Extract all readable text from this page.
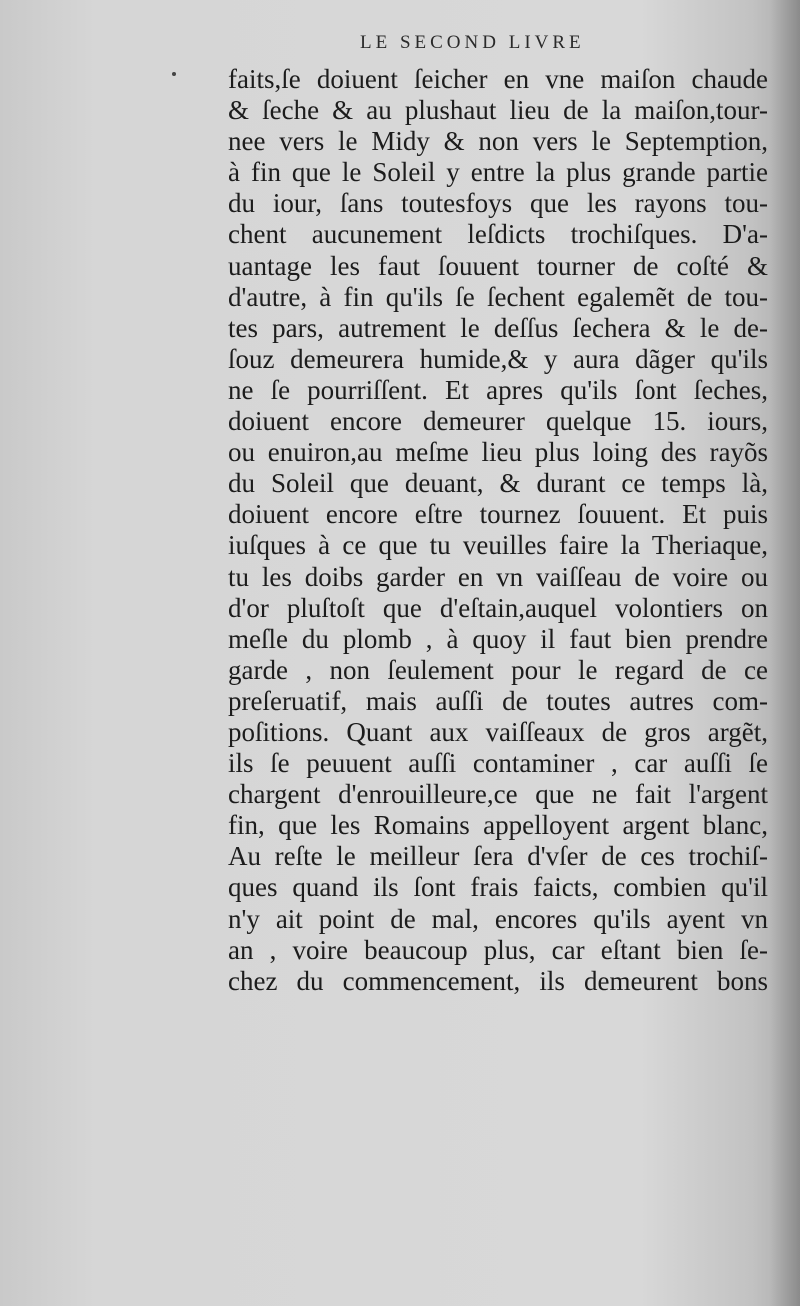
LE SECOND LIVRE
faits,ſe doiuent ſeicher en vne maiſon chaude
& ſeche & au plushaut lieu de la maiſon,tour-
nee vers le Midy & non vers le Septemption,
à fin que le Soleil y entre la plus grande partie
du iour, ſans toutesfoys que les rayons tou-
chent aucunement leſdicts trochiſques. D'a-
uantage les faut ſouuent tourner de coſté &
d'autre, à fin qu'ils ſe ſechent egalemẽt de tou-
tes pars, autrement le deſſus ſechera & le de-
ſouz demeurera humide,& y aura dãger qu'ils
ne ſe pourriſſent. Et apres qu'ils ſont ſeches,
doiuent encore demeurer quelque 15. iours,
ou enuiron,au meſme lieu plus loing des rayõs
du Soleil que deuant, & durant ce temps là,
doiuent encore eſtre tournez ſouuent. Et puis
iuſques à ce que tu veuilles faire la Theriaque,
tu les doibs garder en vn vaiſſeau de voire ou
d'or pluſtoſt que d'eſtain,auquel volontiers on
meſle du plomb , à quoy il faut bien prendre
garde , non ſeulement pour le regard de ce
preſeruatif, mais auſſi de toutes autres com-
poſitions. Quant aux vaiſſeaux de gros argẽt,
ils ſe peuuent auſſi contaminer , car auſſi ſe
chargent d'enrouilleure,ce que ne fait l'argent
fin, que les Romains appelloyent argent blanc,
Au reſte le meilleur ſera d'vſer de ces trochiſ-
ques quand ils ſont frais faicts, combien qu'il
n'y ait point de mal, encores qu'ils ayent vn
an , voire beaucoup plus, car eſtant bien ſe-
chez du commencement, ils demeurent bons
